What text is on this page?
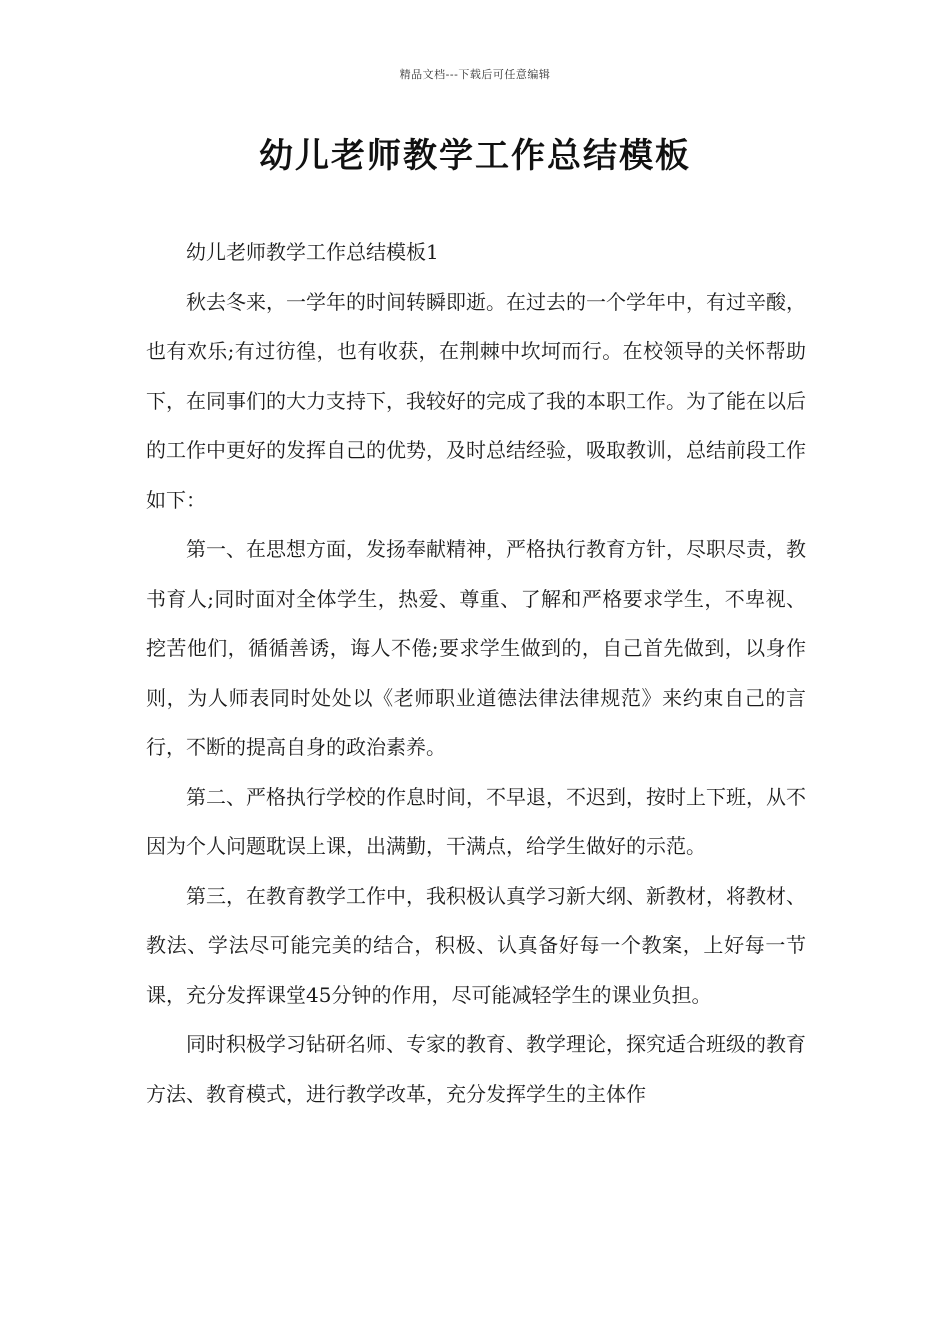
精品文档---下载后可任意编辑
幼儿老师教学工作总结模板

幼儿老师教学工作总结模板1

秋去冬来，一学年的时间转瞬即逝。在过去的一个学年中，有过辛酸，也有欢乐;有过彷徨，也有收获，在荆棘中坎坷而行。在校领导的关怀帮助下，在同事们的大力支持下，我较好的完成了我的本职工作。为了能在以后的工作中更好的发挥自己的优势，及时总结经验，吸取教训，总结前段工作如下：

第一、在思想方面，发扬奉献精神，严格执行教育方针，尽职尽责，教书育人;同时面对全体学生，热爱、尊重、了解和严格要求学生，不卑视、挖苦他们，循循善诱，诲人不倦;要求学生做到的，自己首先做到，以身作则，为人师表同时处处以《老师职业道德法律法律规范》来约束自己的言行，不断的提高自身的政治素养。

第二、严格执行学校的作息时间，不早退，不迟到，按时上下班，从不因为个人问题耽误上课，出满勤，干满点，给学生做好的示范。

第三，在教育教学工作中，我积极认真学习新大纲、新教材，将教材、教法、学法尽可能完美的结合，积极、认真备好每一个教案，上好每一节课，充分发挥课堂45分钟的作用，尽可能减轻学生的课业负担。

同时积极学习钻研名师、专家的教育、教学理论，探究适合班级的教育方法、教育模式，进行教学改革，充分发挥学生的主体作
